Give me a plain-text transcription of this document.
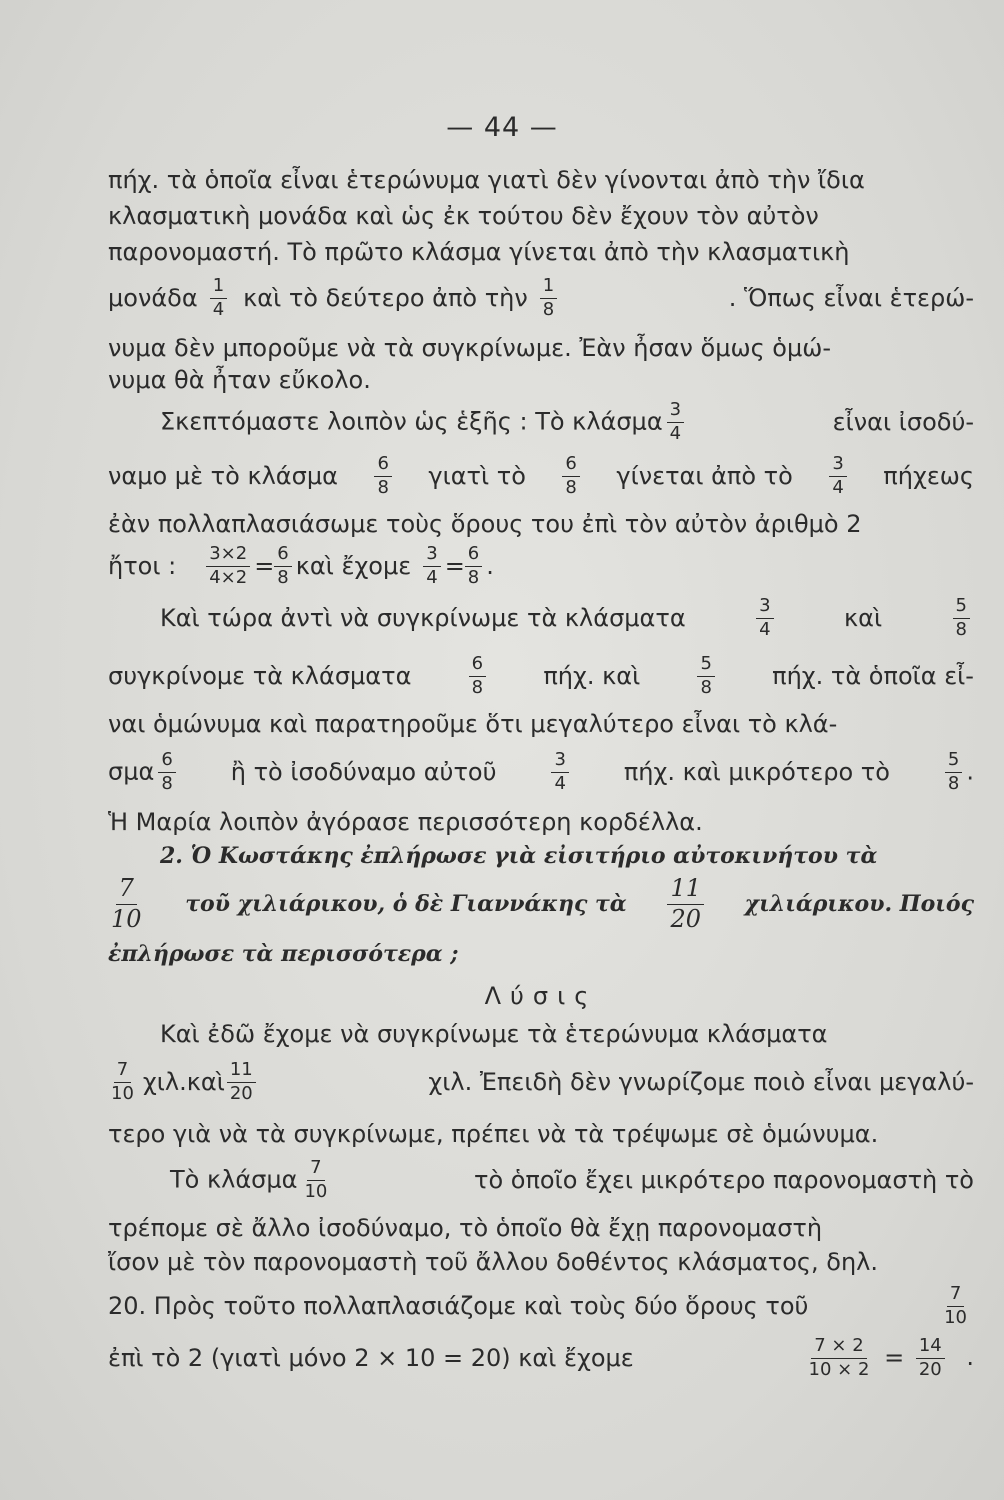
— 44 —
πήχ. τὰ ὁποῖα εἶναι ἑτερώνυμα γιατὶ δὲν γίνονται ἀπὸ τὴν ἴδια
κλασματικὴ μονάδα καὶ ὡς ἐκ τούτου δὲν ἔχουν τὸν αὐτὸν
παρονομαστή. Τὸ πρῶτο κλάσμα γίνεται ἀπὸ τὴν κλασματικὴ
μονάδα $\frac{1}{4}$ καὶ τὸ δεύτερο ἀπὸ τὴν $\frac{1}{8}$	. Ὅπως εἶναι ἑτερώ-
νυμα δὲν μποροῦμε νὰ τὰ συγκρίνωμε. Ἐὰν ἦσαν ὅμως ὁμώ-
νυμα θὰ ἦταν εὔκολο.
Σκεπτόμαστε λοιπὸν ὡς ἑξῆς : Τὸ κλάσμα $\frac{3}{4}$	εἶναι ἰσοδύ-
ναμο μὲ τὸ κλάσμα $\frac{6}{8}$ γιατὶ τὸ $\frac{6}{8}$ γίνεται ἀπὸ τὸ $\frac{3}{4}$ πήχεως
ἐὰν πολλαπλασιάσωμε τοὺς ὅρους του ἐπὶ τὸν αὐτὸν ἀριθμὸ 2
ἤτοι : $\frac{3\times 2}{4\times 2} = \frac{6}{8}$ καὶ ἔχομε $\frac{3}{4} = \frac{6}{8}$ .
Καὶ τώρα ἀντὶ νὰ συγκρίνωμε τὰ κλάσματα	$\frac{3}{4}$	καὶ	$\frac{5}{8}$
συγκρίνομε τὰ κλάσματα	$\frac{6}{8} \pi ή\chi$. καὶ	$\frac{5}{8} \pi ή\chi$. τὰ ὁποῖα εἶ-
ναι ὁμώνυμα καὶ παρατηροῦμε ὅτι μεγαλύτερο εἶναι τὸ κλά-
σμα $\frac{6}{8}$ ἢ τὸ ἰσοδύναμο αὐτοῦ	$\frac{3}{4} \pi ή\chi$. καὶ μικρότερο τὸ	$\frac{5}{8}$ .
Ἡ Μαρία λοιπὸν ἀγόρασε περισσότερη κορδέλλα.
2. Ὁ Κωστάκης ἐπλήρωσε γιὰ εἰσιτήριο αὐτοκινήτου τὰ
$\frac{7}{10}$ τοῦ χιλιάρικου, ὁ δὲ Γιαννάκης τὰ $\frac{11}{20} \chi\iota\lambda\iota ά\rho\iota\kappa o\upsilon$. Ποιός
ἐπλήρωσε τὰ περισσότερα ;
Λύσις
Καὶ ἐδῶ ἔχομε νὰ συγκρίνωμε τὰ ἑτερώνυμα κλάσματα
$\frac{7}{10}$ χιλ.καὶ $\frac{11}{20}$	χιλ. Ἐπειδὴ δὲν γνωρίζομε ποιὸ εἶναι μεγαλύ-
τερο γιὰ νὰ τὰ συγκρίνωμε, πρέπει νὰ τὰ τρέψωμε σὲ ὁμώνυμα.
Τὸ κλάσμα $\frac{7}{10}$	τὸ ὁποῖο ἔχει μικρότερο παρονομαστὴ τὸ
τρέπομε σὲ ἄλλο ἰσοδύναμο, τὸ ὁποῖο θὰ ἔχῃ παρονομαστὴ
ἴσον μὲ τὸν παρονομαστὴ τοῦ ἄλλου δοθέντος κλάσματος, δηλ.
20. Πρὸς τοῦτο πολλαπλασιάζομε καὶ τοὺς δύο ὅρους τοῦ	$\frac{7}{10}$
ἐπὶ τὸ 2 (γιατὶ μόνο 2 × 10 = 20) καὶ ἔχομε	$\frac{7 \times 2}{10 \times 2} = \frac{14}{20}$ .
